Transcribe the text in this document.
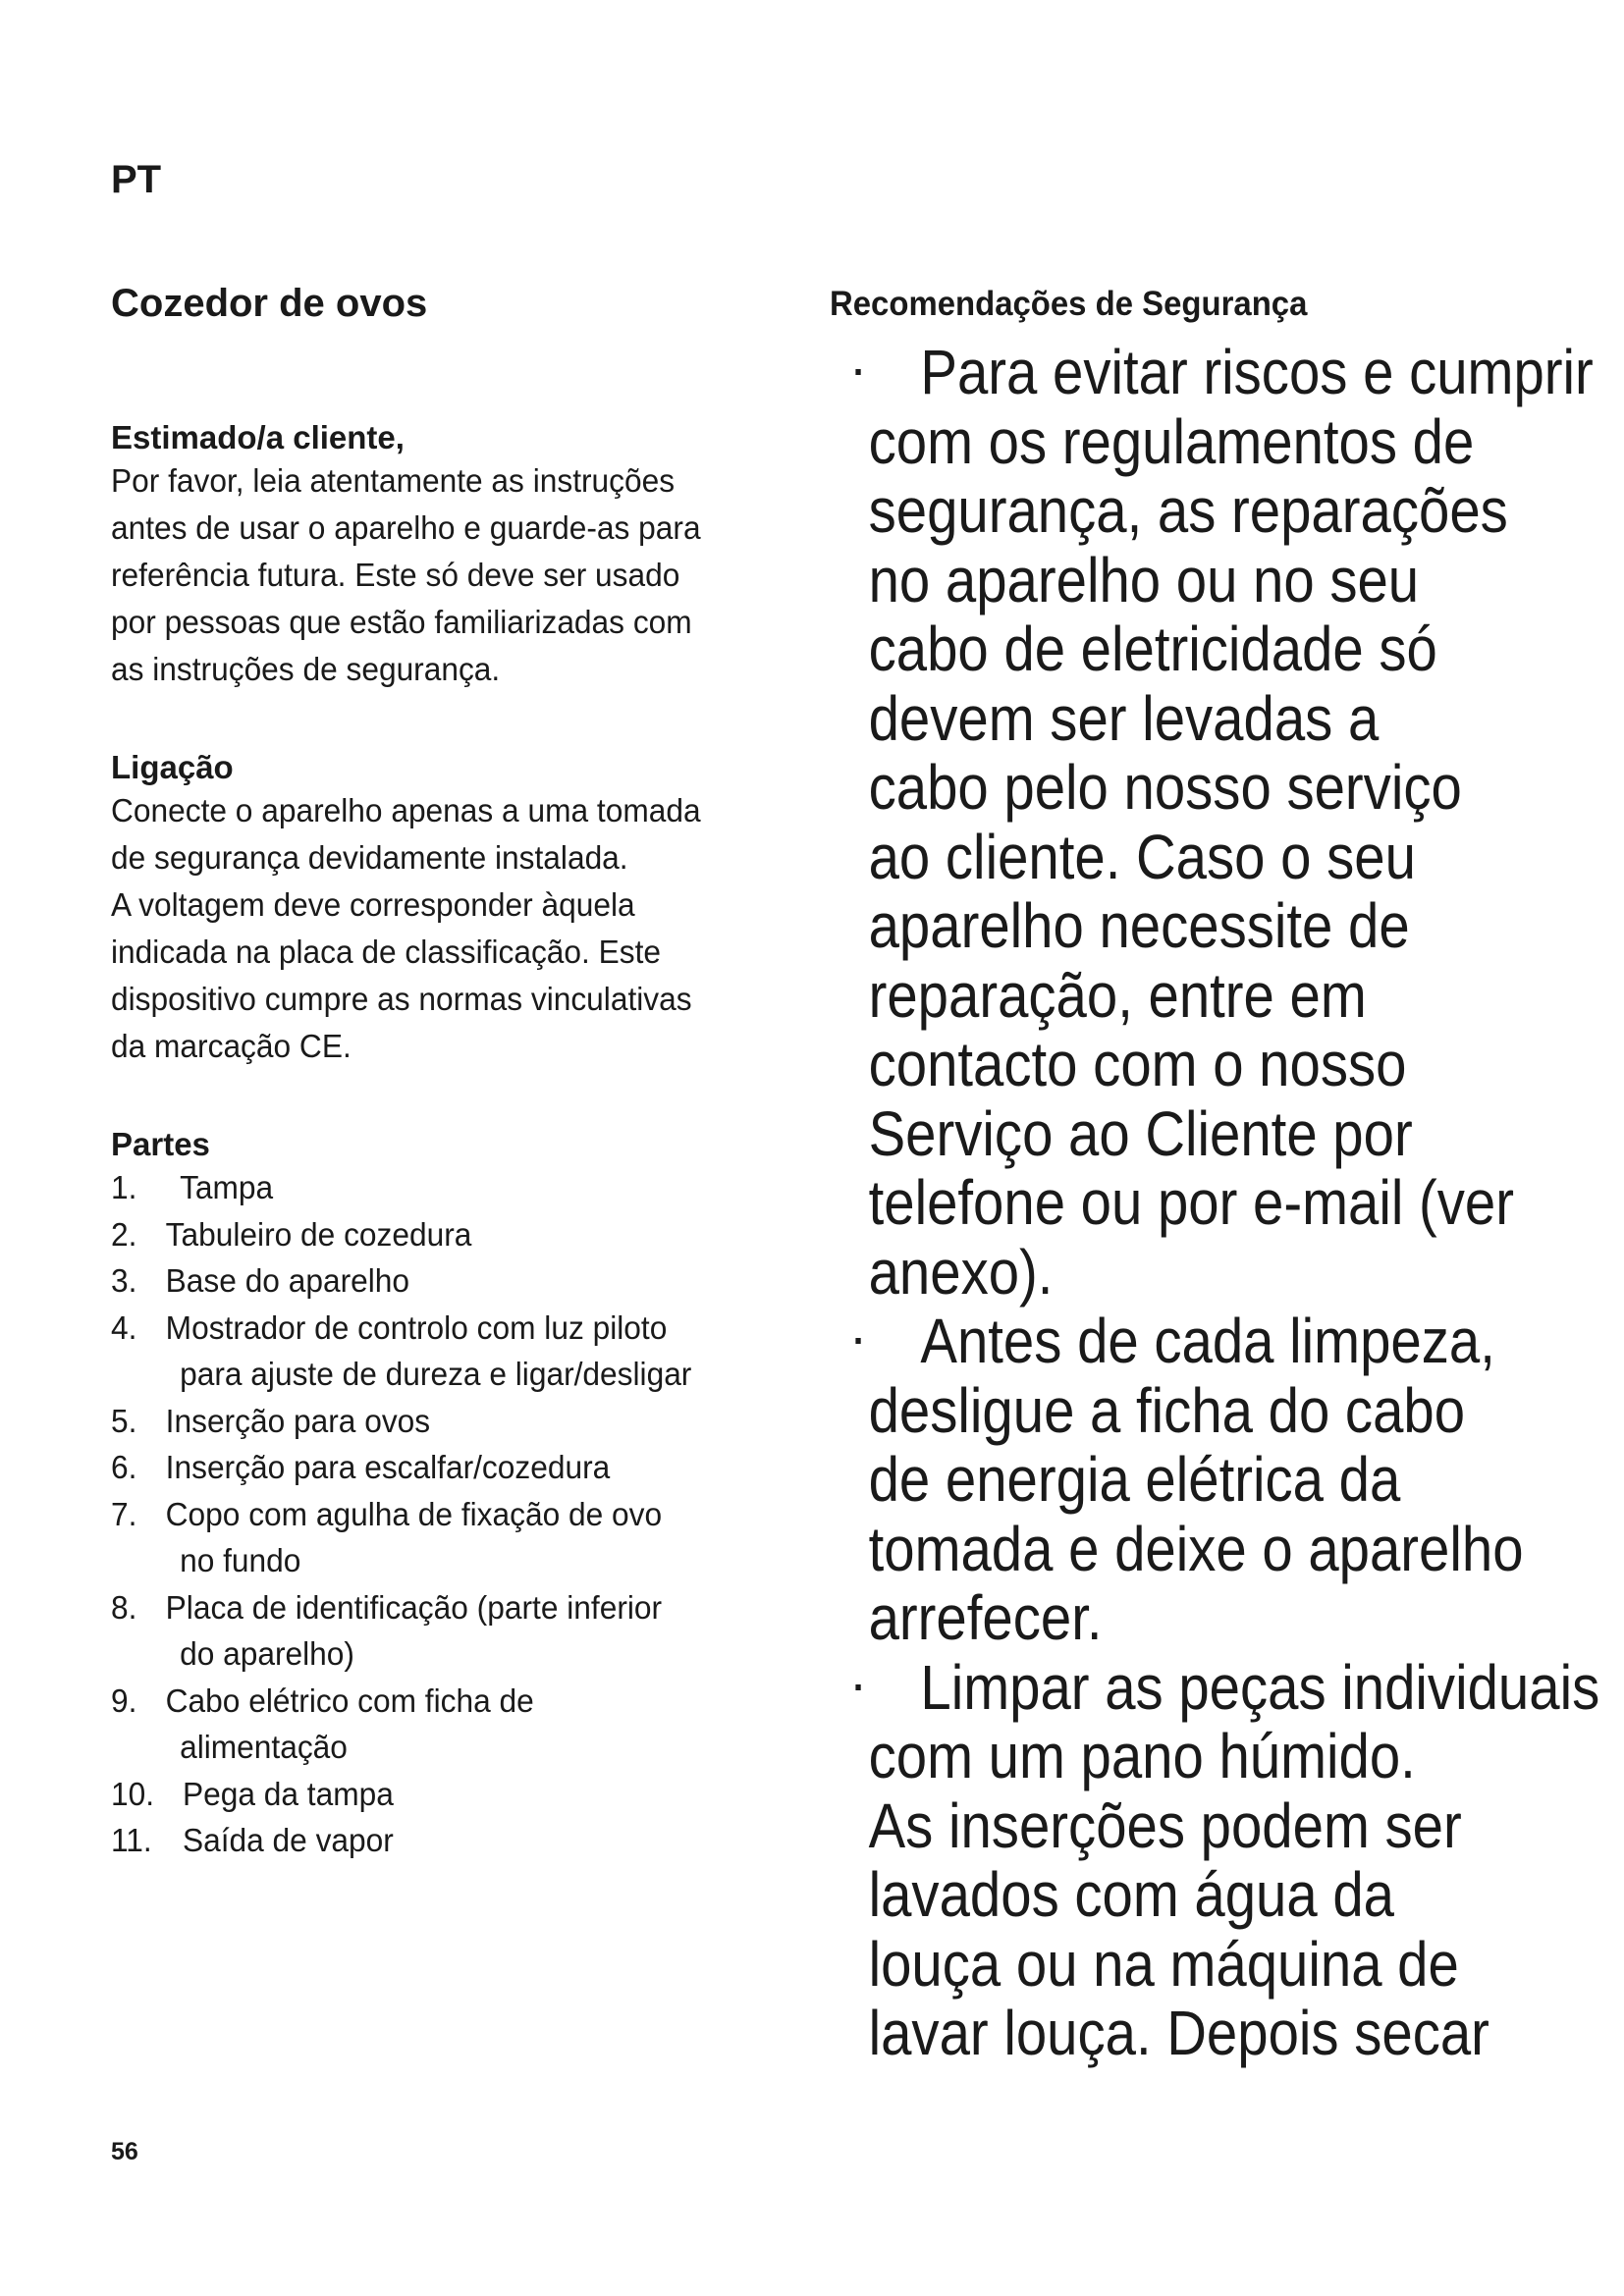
PT
Cozedor de ovos
Estimado/a cliente,
Por favor, leia atentamente as instruções
antes de usar o aparelho e guarde-as para
referência futura. Este só deve ser usado
por pessoas que estão familiarizadas com
as instruções de segurança.
Ligação
Conecte o aparelho apenas a uma tomada
de segurança devidamente instalada.
A voltagem deve corresponder àquela
indicada na placa de classificação. Este
dispositivo cumpre as normas vinculativas
da marcação CE.
Partes
1.	Tampa
2. Tabuleiro de cozedura
3. Base do aparelho
4. Mostrador de controlo com luz piloto
para ajuste de dureza e ligar/desligar
5. Inserção para ovos
6. Inserção para escalfar/cozedura
7. Copo com agulha de fixação de ovo
no fundo
8. Placa de identificação (parte inferior
do aparelho)
9. Cabo elétrico com ficha de
alimentação
10. Pega da tampa
11. Saída de vapor
Recomendações de Segurança
Para evitar riscos e cumprir
com os regulamentos de
segurança, as reparações
no aparelho ou no seu
cabo de eletricidade só
devem ser levadas a
cabo pelo nosso serviço
ao cliente. Caso o seu
aparelho necessite de
reparação, entre em
contacto com o nosso
Serviço ao Cliente por
telefone ou por e-mail (ver
anexo).
Antes de cada limpeza,
desligue a ficha do cabo
de energia elétrica da
tomada e deixe o aparelho
arrefecer.
Limpar as peças individuais
com um pano húmido.
As inserções podem ser
lavados com água da
louça ou na máquina de
lavar louça. Depois secar
56
